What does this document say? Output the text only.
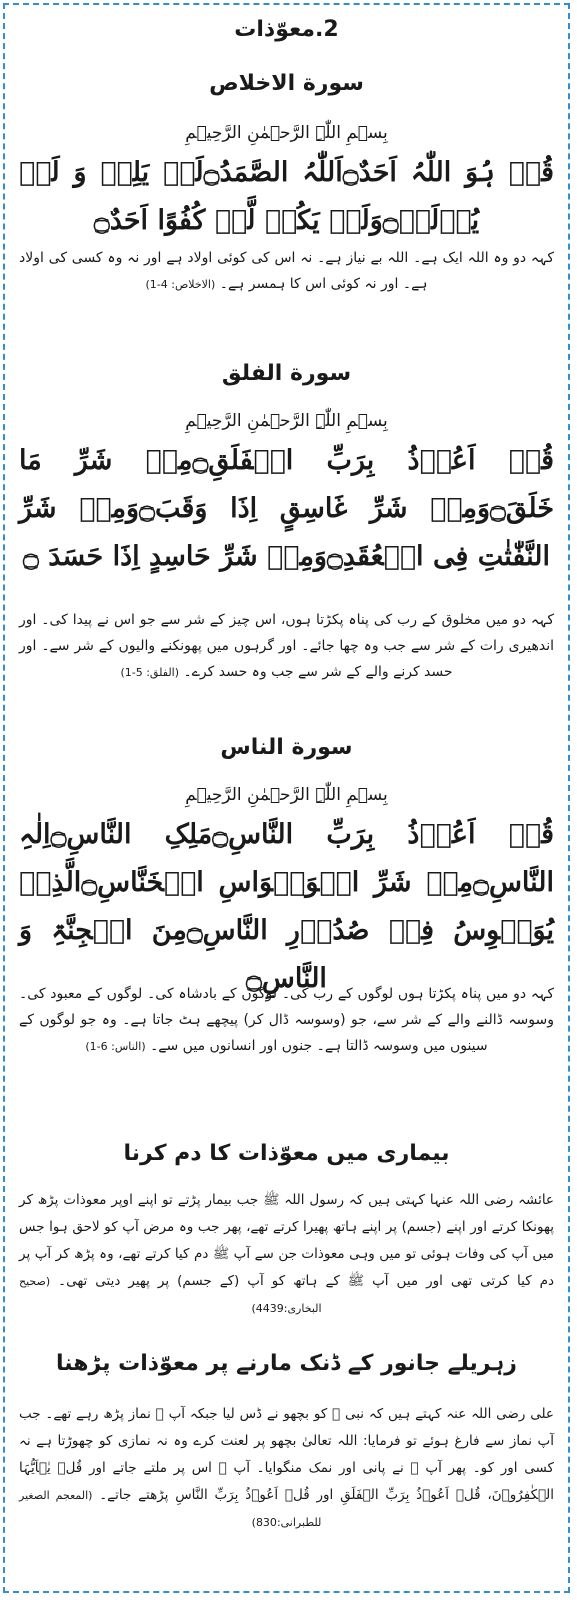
2.معوّذات
سورة الاخلاص
بِسۡمِ اللّٰہِ الرَّحۡمٰنِ الرَّحِیۡمِ
قُلۡ ہُوَ اللّٰہُ اَحَدٌ۝اَللّٰہُ الصَّمَدُ۝لَمۡ یَلِدۡ وَ لَمۡ یُوۡلَدۡ۝وَلَمۡ یَکُنۡ لَّہٗ کُفُوًا اَحَدٌ۝
کہہ دو وہ اللہ ایک ہے۔ اللہ بے نیاز ہے۔ نہ اس کی کوئی اولاد ہے اور نہ وہ کسی کی اولاد ہے۔ اور نہ کوئی اس کا ہمسر ہے۔ (الاخلاص: 4-1)
سورة الفلق
بِسۡمِ اللّٰہِ الرَّحۡمٰنِ الرَّحِیۡمِ
قُلۡ اَعُوۡذُ بِرَبِّ الۡفَلَقِ۝مِنۡ شَرِّ مَا خَلَقَ۝وَمِنۡ شَرِّ غَاسِقٍ اِذَا وَقَبَ۝وَمِنۡ شَرِّ النَّفّٰثٰتِ فِی الۡعُقَدِ۝وَمِنۡ شَرِّ حَاسِدٍ اِذَا حَسَدَ ۝
کہہ دو میں مخلوق کے رب کی پناہ پکڑتا ہوں، اس چیز کے شر سے جو اس نے پیدا کی۔ اور اندھیری رات کے شر سے جب وہ چھا جائے۔ اور گرہوں میں پھونکنے والیوں کے شر سے۔ اور حسد کرنے والے کے شر سے جب وہ حسد کرے۔ (الفلق: 5-1)
سورة الناس
بِسۡمِ اللّٰہِ الرَّحۡمٰنِ الرَّحِیۡمِ
قُلۡ اَعُوۡذُ بِرَبِّ النَّاسِ۝مَلِکِ النَّاسِ۝اِلٰہِ النَّاسِ۝مِنۡ شَرِّ الۡوَسۡوَاسِ الۡخَنَّاسِ۝الَّذِیۡ یُوَسۡوِسُ فِیۡ صُدُوۡرِ النَّاسِ۝مِنَ الۡجِنَّۃِ وَ النَّاسِ۝
کہہ دو میں پناہ پکڑتا ہوں لوگوں کے رب کی۔ لوگوں کے بادشاہ کی۔ لوگوں کے معبود کی۔ وسوسہ ڈالنے والے کے شر سے، جو (وسوسہ ڈال کر) پیچھے ہٹ جاتا ہے۔ وہ جو لوگوں کے سینوں میں وسوسہ ڈالتا ہے۔ جنوں اور انسانوں میں سے۔ (الناس: 6-1)
بیماری میں معوّذات کا دم کرنا
عائشہ رضی اللہ عنہا کہتی ہیں کہ رسول اللہ ﷺ جب بیمار پڑتے تو اپنے اوپر معوذات پڑھ کر پھونکا کرتے اور اپنے (جسم) پر اپنے ہاتھ پھیرا کرتے تھے، پھر جب وہ مرض آپ کو لاحق ہوا جس میں آپ کی وفات ہوئی تو میں وہی معوذات جن سے آپ ﷺ دم کیا کرتے تھے، وہ پڑھ کر آپ پر دم کیا کرتی تھی اور میں آپ ﷺ کے ہاتھ کو آپ (کے جسم) پر پھیر دیتی تھی۔ (صحیح البخاری:4439)
زہریلے جانور کے ڈنک مارنے پر معوّذات پڑھنا
علی رضی اللہ عنہ کہتے ہیں کہ نبی ﷺ کو بچھو نے ڈس لیا جبکہ آپ ﷺ نماز پڑھ رہے تھے۔ جب آپ نماز سے فارغ ہوئے تو فرمایا: اللہ تعالیٰ بچھو پر لعنت کرے وہ نہ نمازی کو چھوڑتا ہے نہ کسی اور کو۔ پھر آپ ﷺ نے پانی اور نمک منگوایا۔ آپ ﷺ اس پر ملتے جاتے اور قُلۡ یٰۤاَیُّہَا الۡکٰفِرُوۡنَ، قُلۡ اَعُوۡذُ بِرَبِّ الۡفَلَقِ اور قُلۡ اَعُوۡذُ بِرَبِّ النَّاسِ پڑھتے جاتے۔ (المعجم الصغیر للطبرانی:830)
